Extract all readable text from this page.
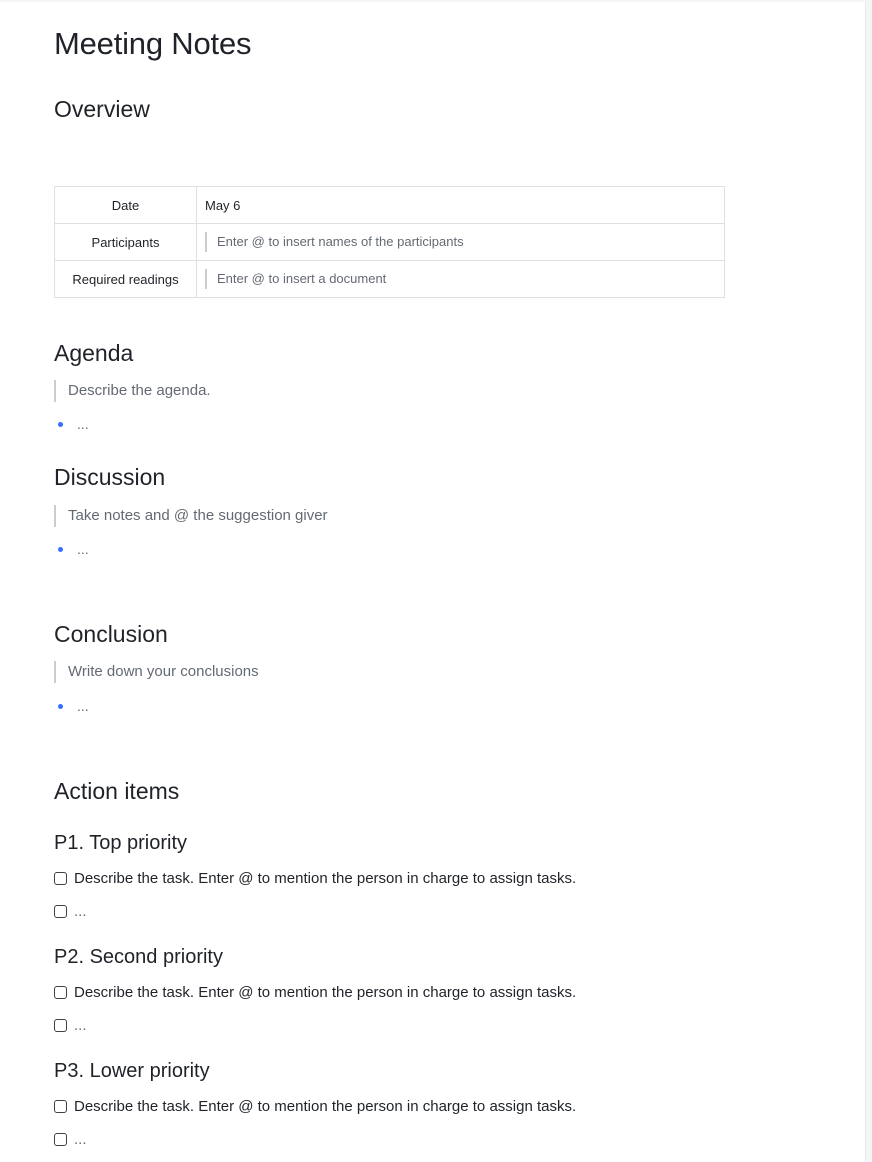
Meeting Notes
Overview
Date	May 6
Participants	Enter @ to insert names of the participants
Required readings	Enter @ to insert a document
Agenda
Describe the agenda.
...
Discussion
Take notes and @ the suggestion giver
...
Conclusion
Write down your conclusions
...
Action items
P1. Top priority
Describe the task. Enter @ to mention the person in charge to assign tasks.
...
P2. Second priority
Describe the task. Enter @ to mention the person in charge to assign tasks.
...
P3. Lower priority
Describe the task. Enter @ to mention the person in charge to assign tasks.
...
